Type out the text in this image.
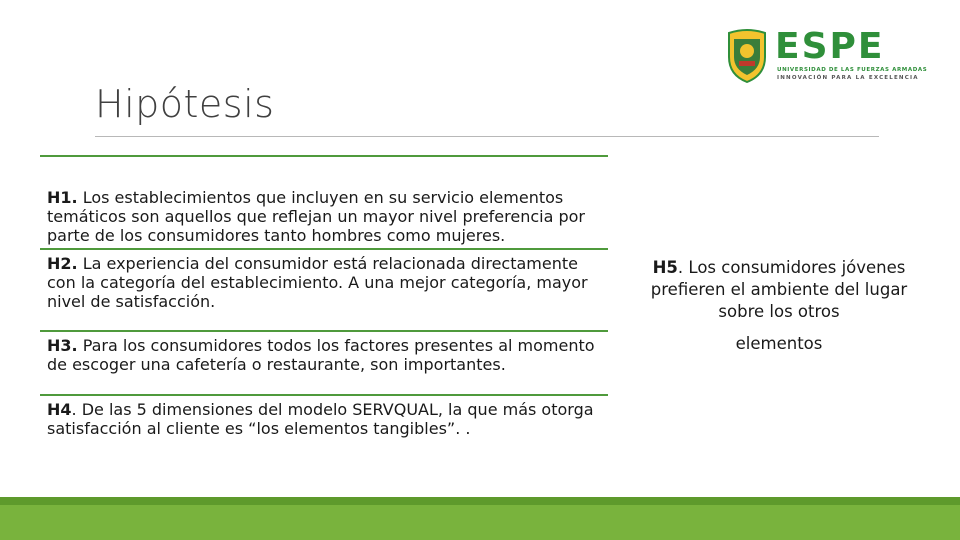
Hipótesis
ESPE
UNIVERSIDAD DE LAS FUERZAS ARMADAS
INNOVACIÓN PARA LA EXCELENCIA
H1. Los establecimientos que incluyen en su servicio elementos temáticos son aquellos que reflejan un mayor nivel preferencia por parte de los consumidores tanto hombres como mujeres.
H2. La experiencia del consumidor está relacionada directamente con la categoría del establecimiento. A una mejor categoría, mayor nivel de satisfacción.
H3. Para los consumidores todos los factores presentes al momento de escoger una cafetería o restaurante, son importantes.
H4. De las 5 dimensiones del modelo SERVQUAL, la que más otorga satisfacción al cliente es “los elementos tangibles”. .
H5. Los consumidores jóvenes prefieren el ambiente del lugar sobre los otros
elementos
